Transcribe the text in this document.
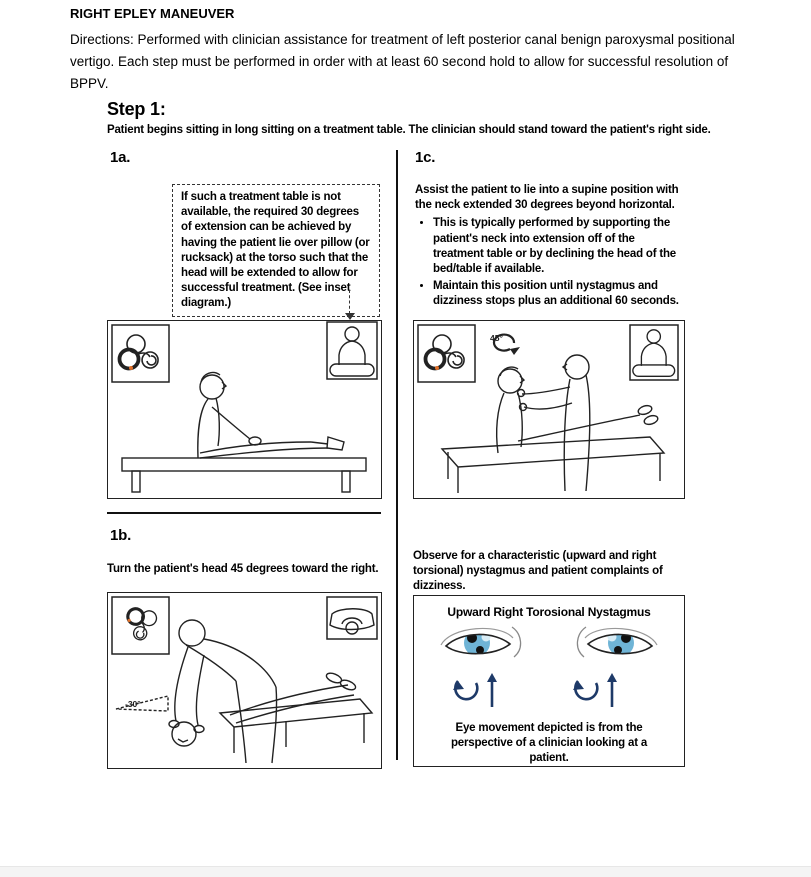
RIGHT EPLEY MANEUVER
Directions: Performed with clinician assistance for treatment of left posterior canal benign paroxysmal positional vertigo. Each step must be performed in order with at least 60 second hold to allow for successful resolution of BPPV.
Step 1:
Patient begins sitting in long sitting on a treatment table. The clinician should stand toward the patient's right side.
1a.	1c.
If such a treatment table is not available, the required 30 degrees of extension can be achieved by having the patient lie over pillow (or rucksack) at the torso such that the head will be extended to allow for successful treatment. (See inset diagram.)
1b.
Turn the patient's head 45 degrees toward the right.
-30°
Assist the patient to lie into a supine position with the neck extended 30 degrees beyond horizontal.
• This is typically performed by supporting the patient's neck into extension off of the treatment table or by declining the head of the bed/table if available.
• Maintain this position until nystagmus and dizziness stops plus an additional 60 seconds.
45°
Observe for a characteristic (upward and right torsional) nystagmus and patient complaints of dizziness.
Upward Right Torosional Nystagmus
Eye movement depicted is from the perspective of a clinician looking at a patient.
